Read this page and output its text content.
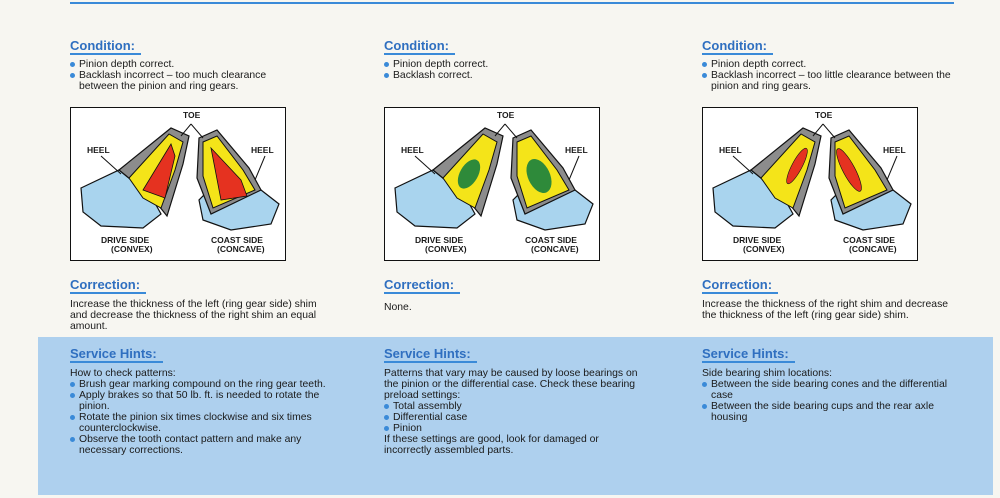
Condition:
Pinion depth correct.
Backlash incorrect – too much clearance between the pinion and ring gears.
TOE
HEEL	HEEL
DRIVE SIDE
(CONVEX)
COAST SIDE
(CONCAVE)
Correction:
Increase the thickness of the left (ring gear side) shim and decrease the thickness of the right shim an equal amount.
Service Hints:
How to check patterns:
Brush gear marking compound on the ring gear teeth.
Apply brakes so that 50 lb. ft. is needed to rotate the pinion.
Rotate the pinion six times clockwise and six times counterclockwise.
Observe the tooth contact pattern and make any necessary corrections.
Condition:
Pinion depth correct.
Backlash correct.
TOE
HEEL	HEEL
DRIVE SIDE
(CONVEX)
COAST SIDE
(CONCAVE)
Correction:
None.
Service Hints:
Patterns that vary may be caused by loose bearings on the pinion or the differential case. Check these bearing preload settings:
Total assembly
Differential case
Pinion
If these settings are good, look for damaged or incorrectly assembled parts.
Condition:
Pinion depth correct.
Backlash incorrect – too little clearance between the pinion and ring gears.
TOE
HEEL	HEEL
DRIVE SIDE
(CONVEX)
COAST SIDE
(CONCAVE)
Correction:
Increase the thickness of the right shim and decrease the thickness of the left (ring gear side) shim.
Service Hints:
Side bearing shim locations:
Between the side bearing cones and the differential case
Between the side bearing cups and the rear axle housing
